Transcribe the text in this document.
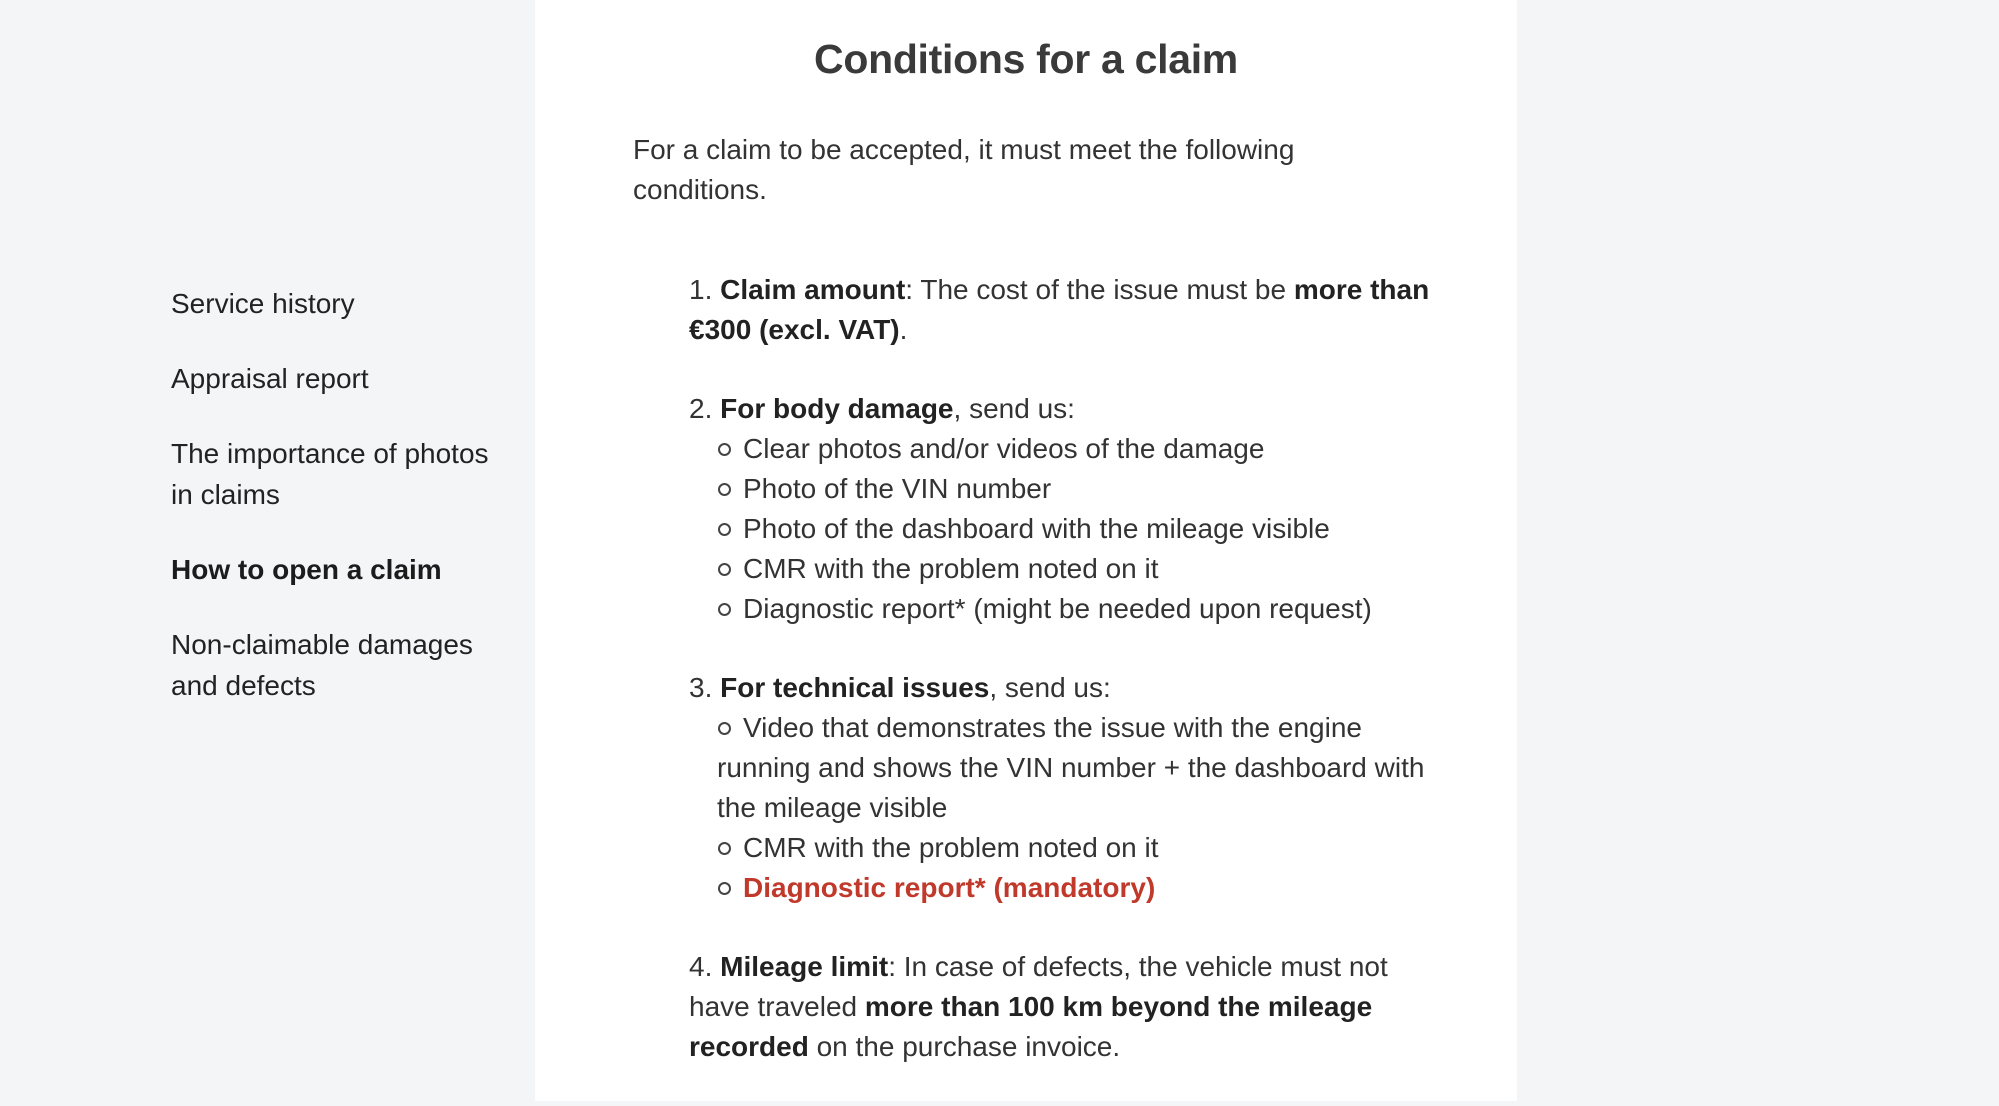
Service history
Appraisal report
The importance of photos in claims
How to open a claim
Non-claimable damages and defects
Conditions for a claim

For a claim to be accepted, it must meet the following conditions.

1. Claim amount: The cost of the issue must be more than €300 (excl. VAT).
2. For body damage, send us:
Clear photos and/or videos of the damage
Photo of the VIN number
Photo of the dashboard with the mileage visible
CMR with the problem noted on it
Diagnostic report* (might be needed upon request)
3. For technical issues, send us:
Video that demonstrates the issue with the engine running and shows the VIN number + the dashboard with the mileage visible
CMR with the problem noted on it
Diagnostic report* (mandatory)
4. Mileage limit: In case of defects, the vehicle must not have traveled more than 100 km beyond the mileage recorded on the purchase invoice.
